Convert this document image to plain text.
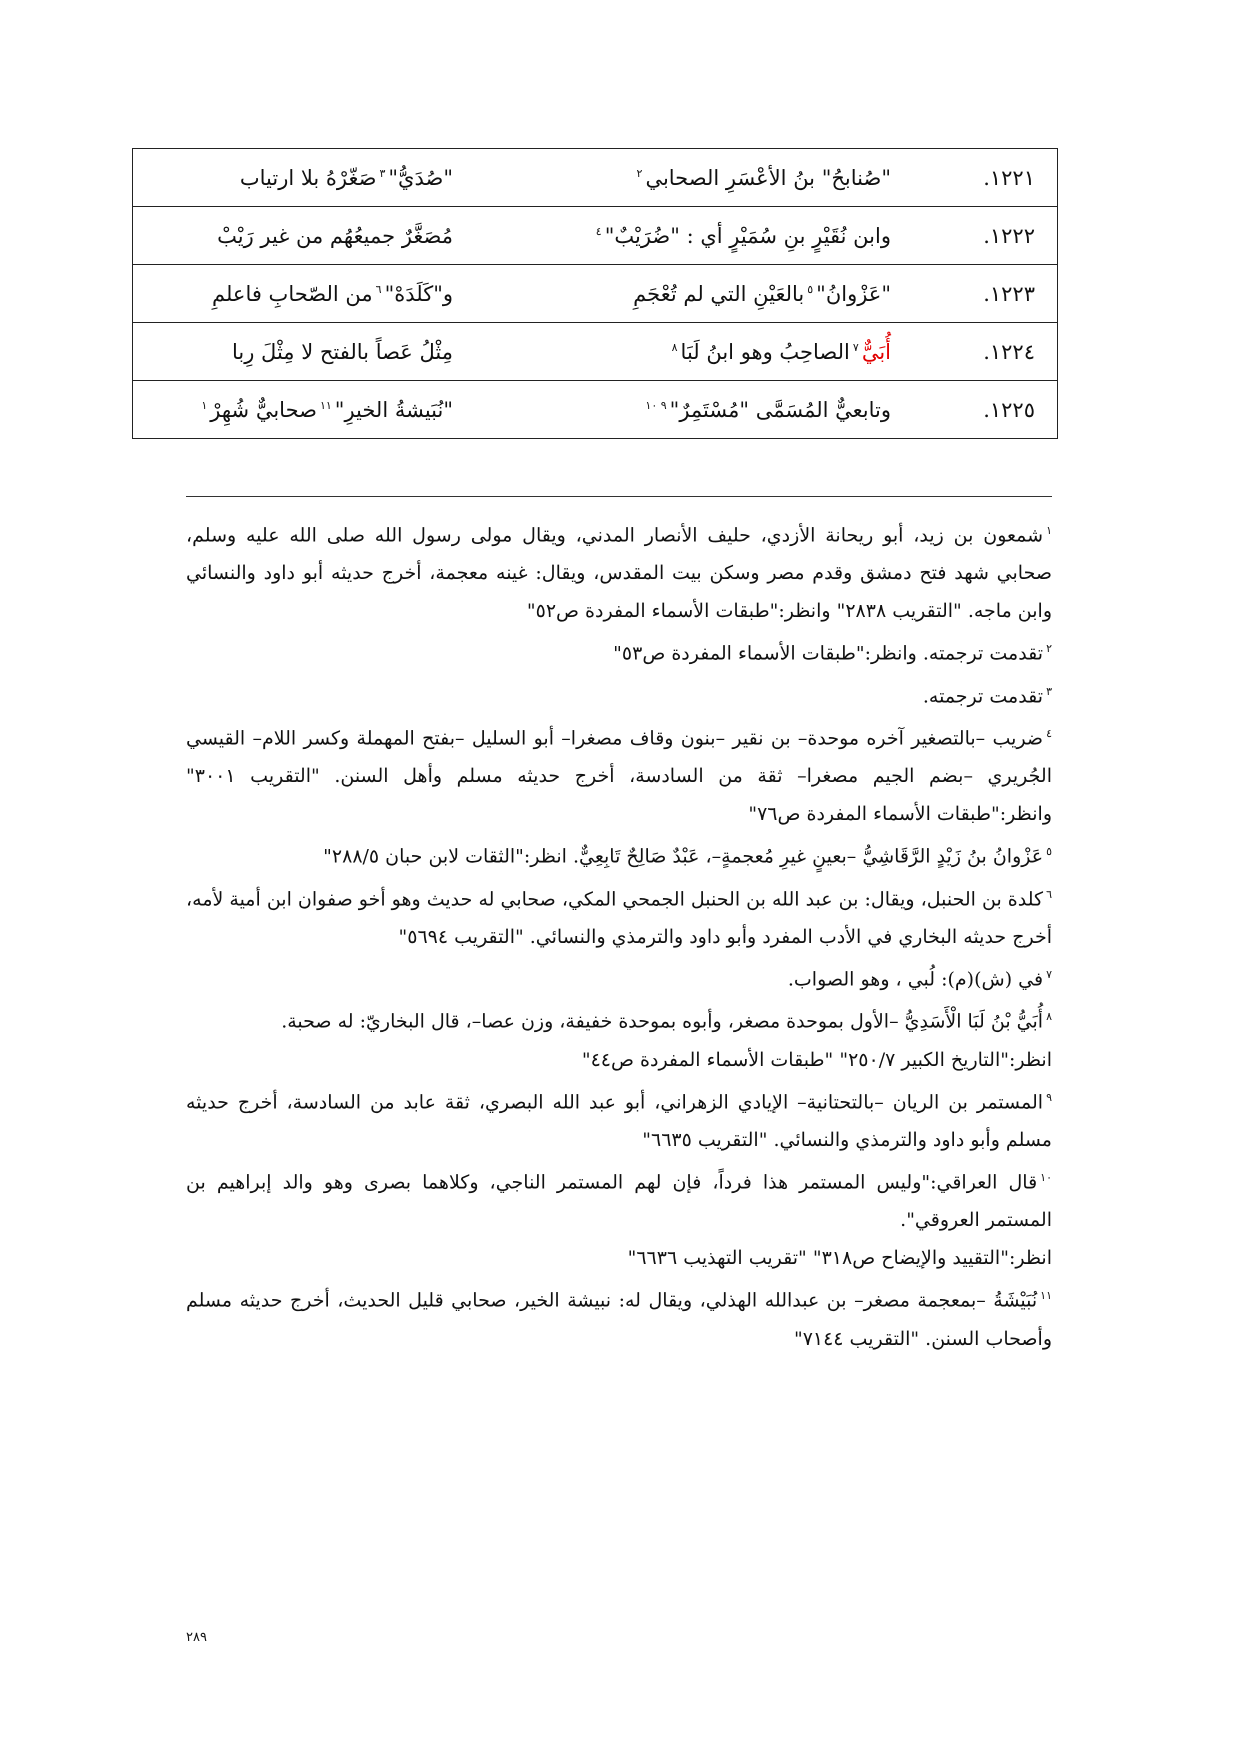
١٢٢١.	"صُنابحُ" بنُ الأعْسَرِ الصحابي$^٢$	"صُدَيُّ"$^٣$صَغّرْهُ بلا ارتياب
١٢٢٢.	وابن نُقَيْرٍ بنِ سُمَيْرٍ أي : "ضُرَيْبٌ"$^٤$	مُصَغَّرٌ جميعُهُم من غير رَيْبْ
١٢٢٣.	"عَزْوانُ"$^٥$بالعَيْنِ التي لم تُعْجَمِ	و"كَلَدَهْ"$^٦$من الصّحابِ فاعلمِ
١٢٢٤.	أُبَيٌّ$^٧$الصاحِبُ وهو ابنُ لَبَا$^٨$	مِثْلُ عَصاً بالفتح لا مِثْلَ رِبا
١٢٢٥.	وتابعيٌّ المُسَمَّى "مُسْتَمِرٌ"$^{٩ ١٠}$	"نُبَيشةُ الخيرِ"$^{١١}$صحابيٌّ شُهِرْ$^١$

$^١$شمعون بن زيد، أبو ريحانة الأزدي، حليف الأنصار المدني، ويقال مولى رسول الله صلى الله عليه وسلم، صحابي شهد فتح دمشق وقدم مصر وسكن بيت المقدس، ويقال: غينه معجمة، أخرج حديثه أبو داود والنسائي وابن ماجه. "التقريب ٢٨٣٨" وانظر:"طبقات الأسماء المفردة ص٥٢"

$^٢$تقدمت ترجمته. وانظر:"طبقات الأسماء المفردة ص٥٣"

$^٣$تقدمت ترجمته.

$^٤$ضريب –بالتصغير آخره موحدة– بن نقير –بنون وقاف مصغرا– أبو السليل –بفتح المهملة وكسر اللام– القيسي الجُريري –بضم الجيم مصغرا– ثقة من السادسة، أخرج حديثه مسلم وأهل السنن. "التقريب ٣٠٠١" وانظر:"طبقات الأسماء المفردة ص٧٦"

$^٥$عَزْوانُ بنُ زَيْدٍ الرَّقَاشِيُّ –بعينٍ غيرِ مُعجمةٍ–، عَبْدٌ صَالِحٌ تَابِعِيٌّ. انظر:"الثقات لابن حبان ٢٨٨/٥"

$^٦$كلدة بن الحنبل، ويقال: بن عبد الله بن الحنبل الجمحي المكي، صحابي له حديث وهو أخو صفوان ابن أمية لأمه، أخرج حديثه البخاري في الأدب المفرد وأبو داود والترمذي والنسائي. "التقريب ٥٦٩٤"

$^٧$في (ش)(م): لُبي ، وهو الصواب.

$^٨$أُبَيُّ بْنُ لَبَا الْأَسَدِيُّ –الأول بموحدة مصغر، وأبوه بموحدة خفيفة، وزن عصا–، قال البخاريّ: له صحبة.

انظر:"التاريخ الكبير ٢٥٠/٧" "طبقات الأسماء المفردة ص٤٤"

$^٩$المستمر بن الريان –بالتحتانية– الإيادي الزهراني، أبو عبد الله البصري، ثقة عابد من السادسة، أخرج حديثه مسلم وأبو داود والترمذي والنسائي. "التقريب ٦٦٣٥"

$^{١٠}$قال العراقي:"وليس المستمر هذا فرداً، فإن لهم المستمر الناجي، وكلاهما بصرى وهو والد إبراهيم بن المستمر العروقي".

انظر:"التقييد والإيضاح ص٣١٨" "تقريب التهذيب ٦٦٣٦"

$^{١١}$نُبَيْشَةُ –بمعجمة مصغر– بن عبدالله الهذلي، ويقال له: نبيشة الخير، صحابي قليل الحديث، أخرج حديثه مسلم وأصحاب السنن. "التقريب ٧١٤٤"

٢٨٩
